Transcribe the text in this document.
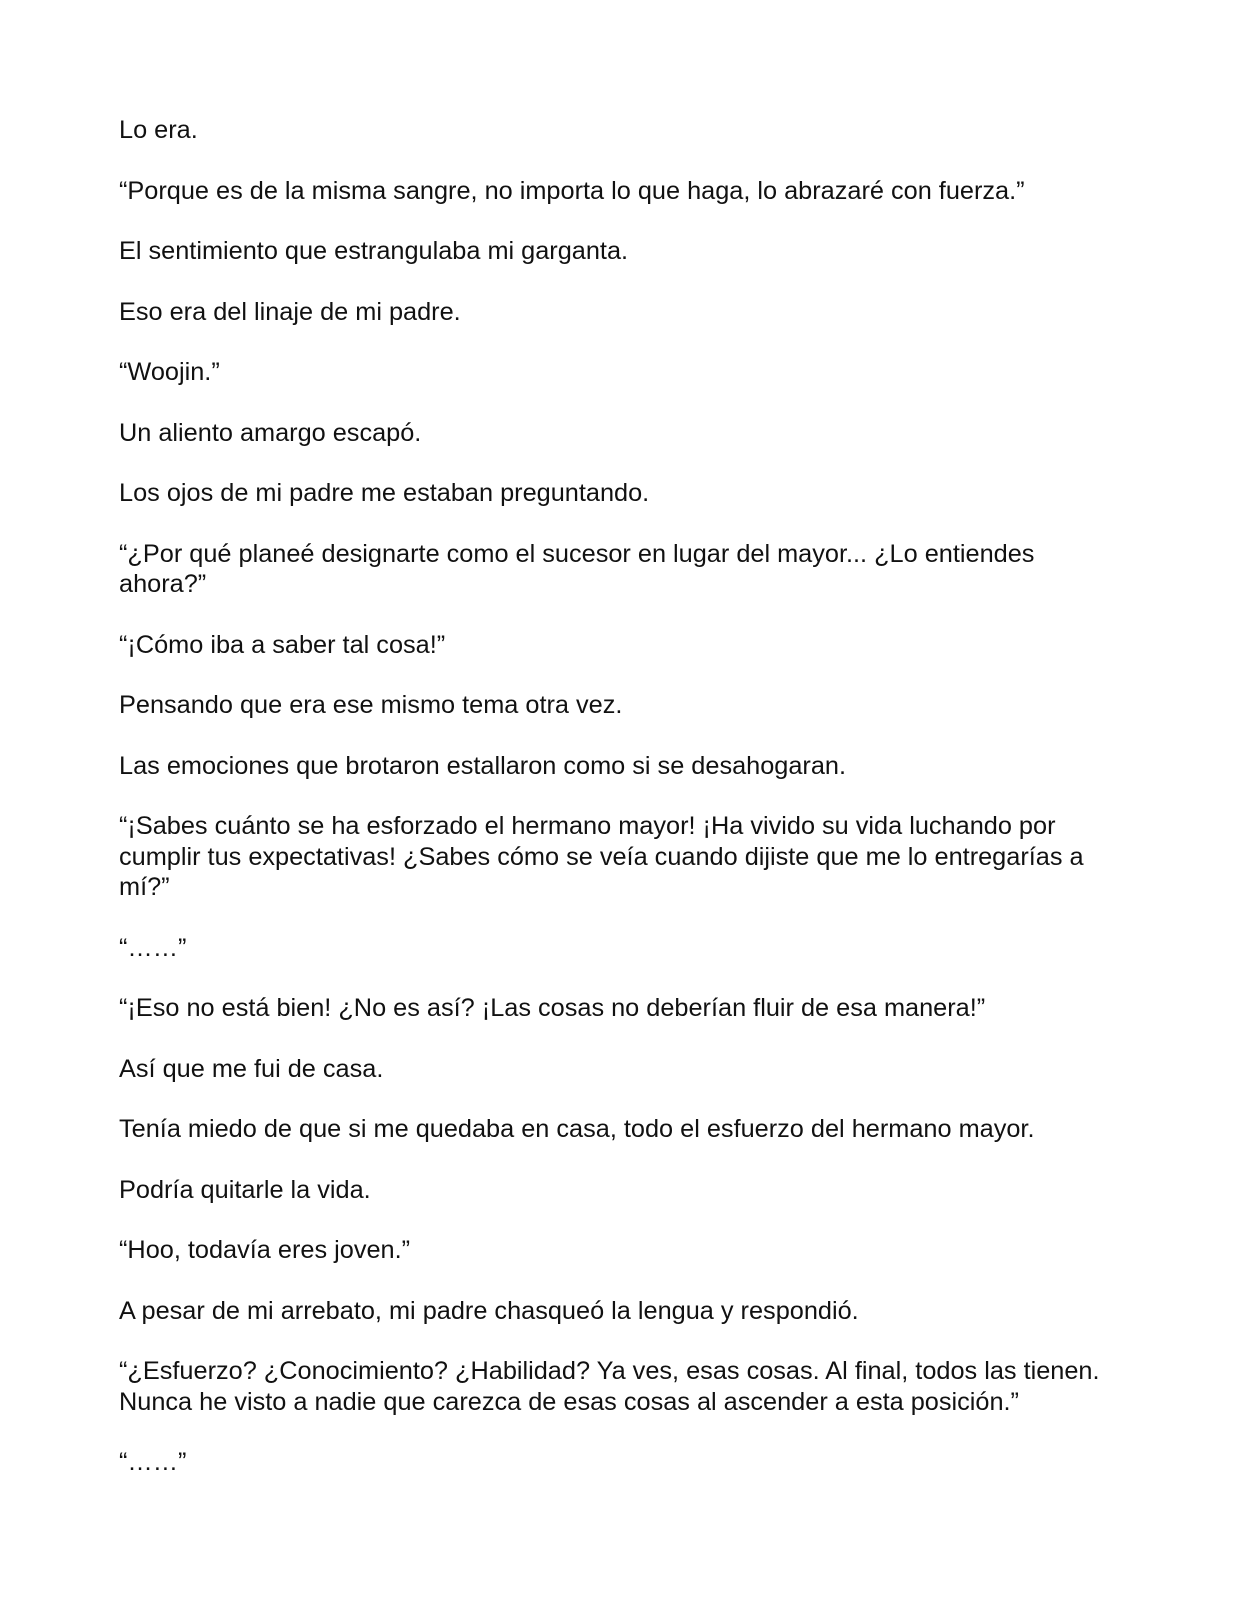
Lo era.

“Porque es de la misma sangre, no importa lo que haga, lo abrazaré con fuerza.”

El sentimiento que estrangulaba mi garganta.

Eso era del linaje de mi padre.

“Woojin.”

Un aliento amargo escapó.

Los ojos de mi padre me estaban preguntando.

“¿Por qué planeé designarte como el sucesor en lugar del mayor... ¿Lo entiendes ahora?”

“¡Cómo iba a saber tal cosa!”

Pensando que era ese mismo tema otra vez.

Las emociones que brotaron estallaron como si se desahogaran.

“¡Sabes cuánto se ha esforzado el hermano mayor! ¡Ha vivido su vida luchando por cumplir tus expectativas! ¿Sabes cómo se veía cuando dijiste que me lo entregarías a mí?”

“……”

“¡Eso no está bien! ¿No es así? ¡Las cosas no deberían fluir de esa manera!”

Así que me fui de casa.

Tenía miedo de que si me quedaba en casa, todo el esfuerzo del hermano mayor.

Podría quitarle la vida.

“Hoo, todavía eres joven.”

A pesar de mi arrebato, mi padre chasqueó la lengua y respondió.

“¿Esfuerzo? ¿Conocimiento? ¿Habilidad? Ya ves, esas cosas. Al final, todos las tienen. Nunca he visto a nadie que carezca de esas cosas al ascender a esta posición.”

“……”
